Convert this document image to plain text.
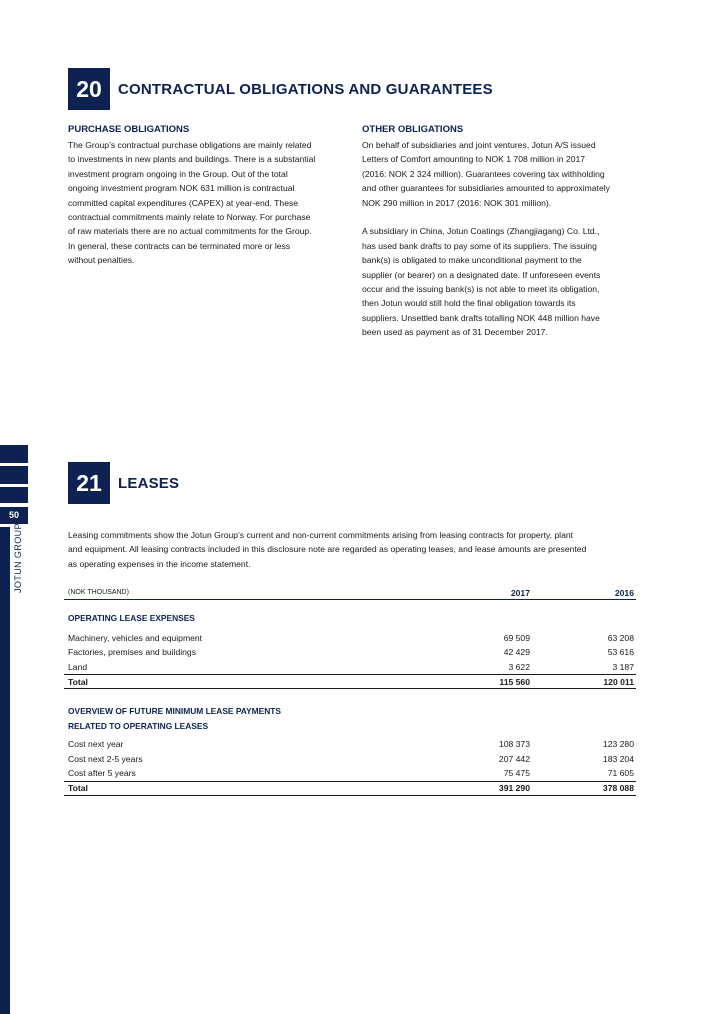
50
JOTUN GROUP
20	CONTRACTUAL OBLIGATIONS AND GUARANTEES

PURCHASE OBLIGATIONS

The Group’s contractual purchase obligations are mainly related
to investments in new plants and buildings. There is a substantial
investment program ongoing in the Group. Out of the total
ongoing investment program NOK 631 million is contractual
committed capital expenditures (CAPEX) at year-end. These
contractual commitments mainly relate to Norway. For purchase
of raw materials there are no actual commitments for the Group.
In general, these contracts can be terminated more or less
without penalties.

OTHER OBLIGATIONS

On behalf of subsidiaries and joint ventures, Jotun A/S issued
Letters of Comfort amounting to NOK 1 708 million in 2017
(2016: NOK 2 324 million). Guarantees covering tax withholding
and other guarantees for subsidiaries amounted to approximately
NOK 290 million in 2017 (2016: NOK 301 million).

A subsidiary in China, Jotun Coatings (Zhangjiagang) Co. Ltd.,
has used bank drafts to pay some of its suppliers. The issuing
bank(s) is obligated to make unconditional payment to the
supplier (or bearer) on a designated date. If unforeseen events
occur and the issuing bank(s) is not able to meet its obligation,
then Jotun would still hold the final obligation towards its
suppliers. Unsettled bank drafts totalling NOK 448 million have
been used as payment as of 31 December 2017.

21	LEASES

Leasing commitments show the Jotun Group’s current and non-current commitments arising from leasing contracts for property, plant
and equipment. All leasing contracts included in this disclosure note are regarded as operating leases, and lease amounts are presented
as operating expenses in the income statement.

(NOK THOUSAND)	2017	2016
OPERATING LEASE EXPENSES
Machinery, vehicles and equipment	69 509	63 208
Factories, premises and buildings	42 429	53 616
Land	3 622	3 187
Total	115 560	120 011
OVERVIEW OF FUTURE MINIMUM LEASE PAYMENTS
RELATED TO OPERATING LEASES
Cost next year	108 373	123 280
Cost next 2-5 years	207 442	183 204
Cost after 5 years	75 475	71 605
Total	391 290	378 088
